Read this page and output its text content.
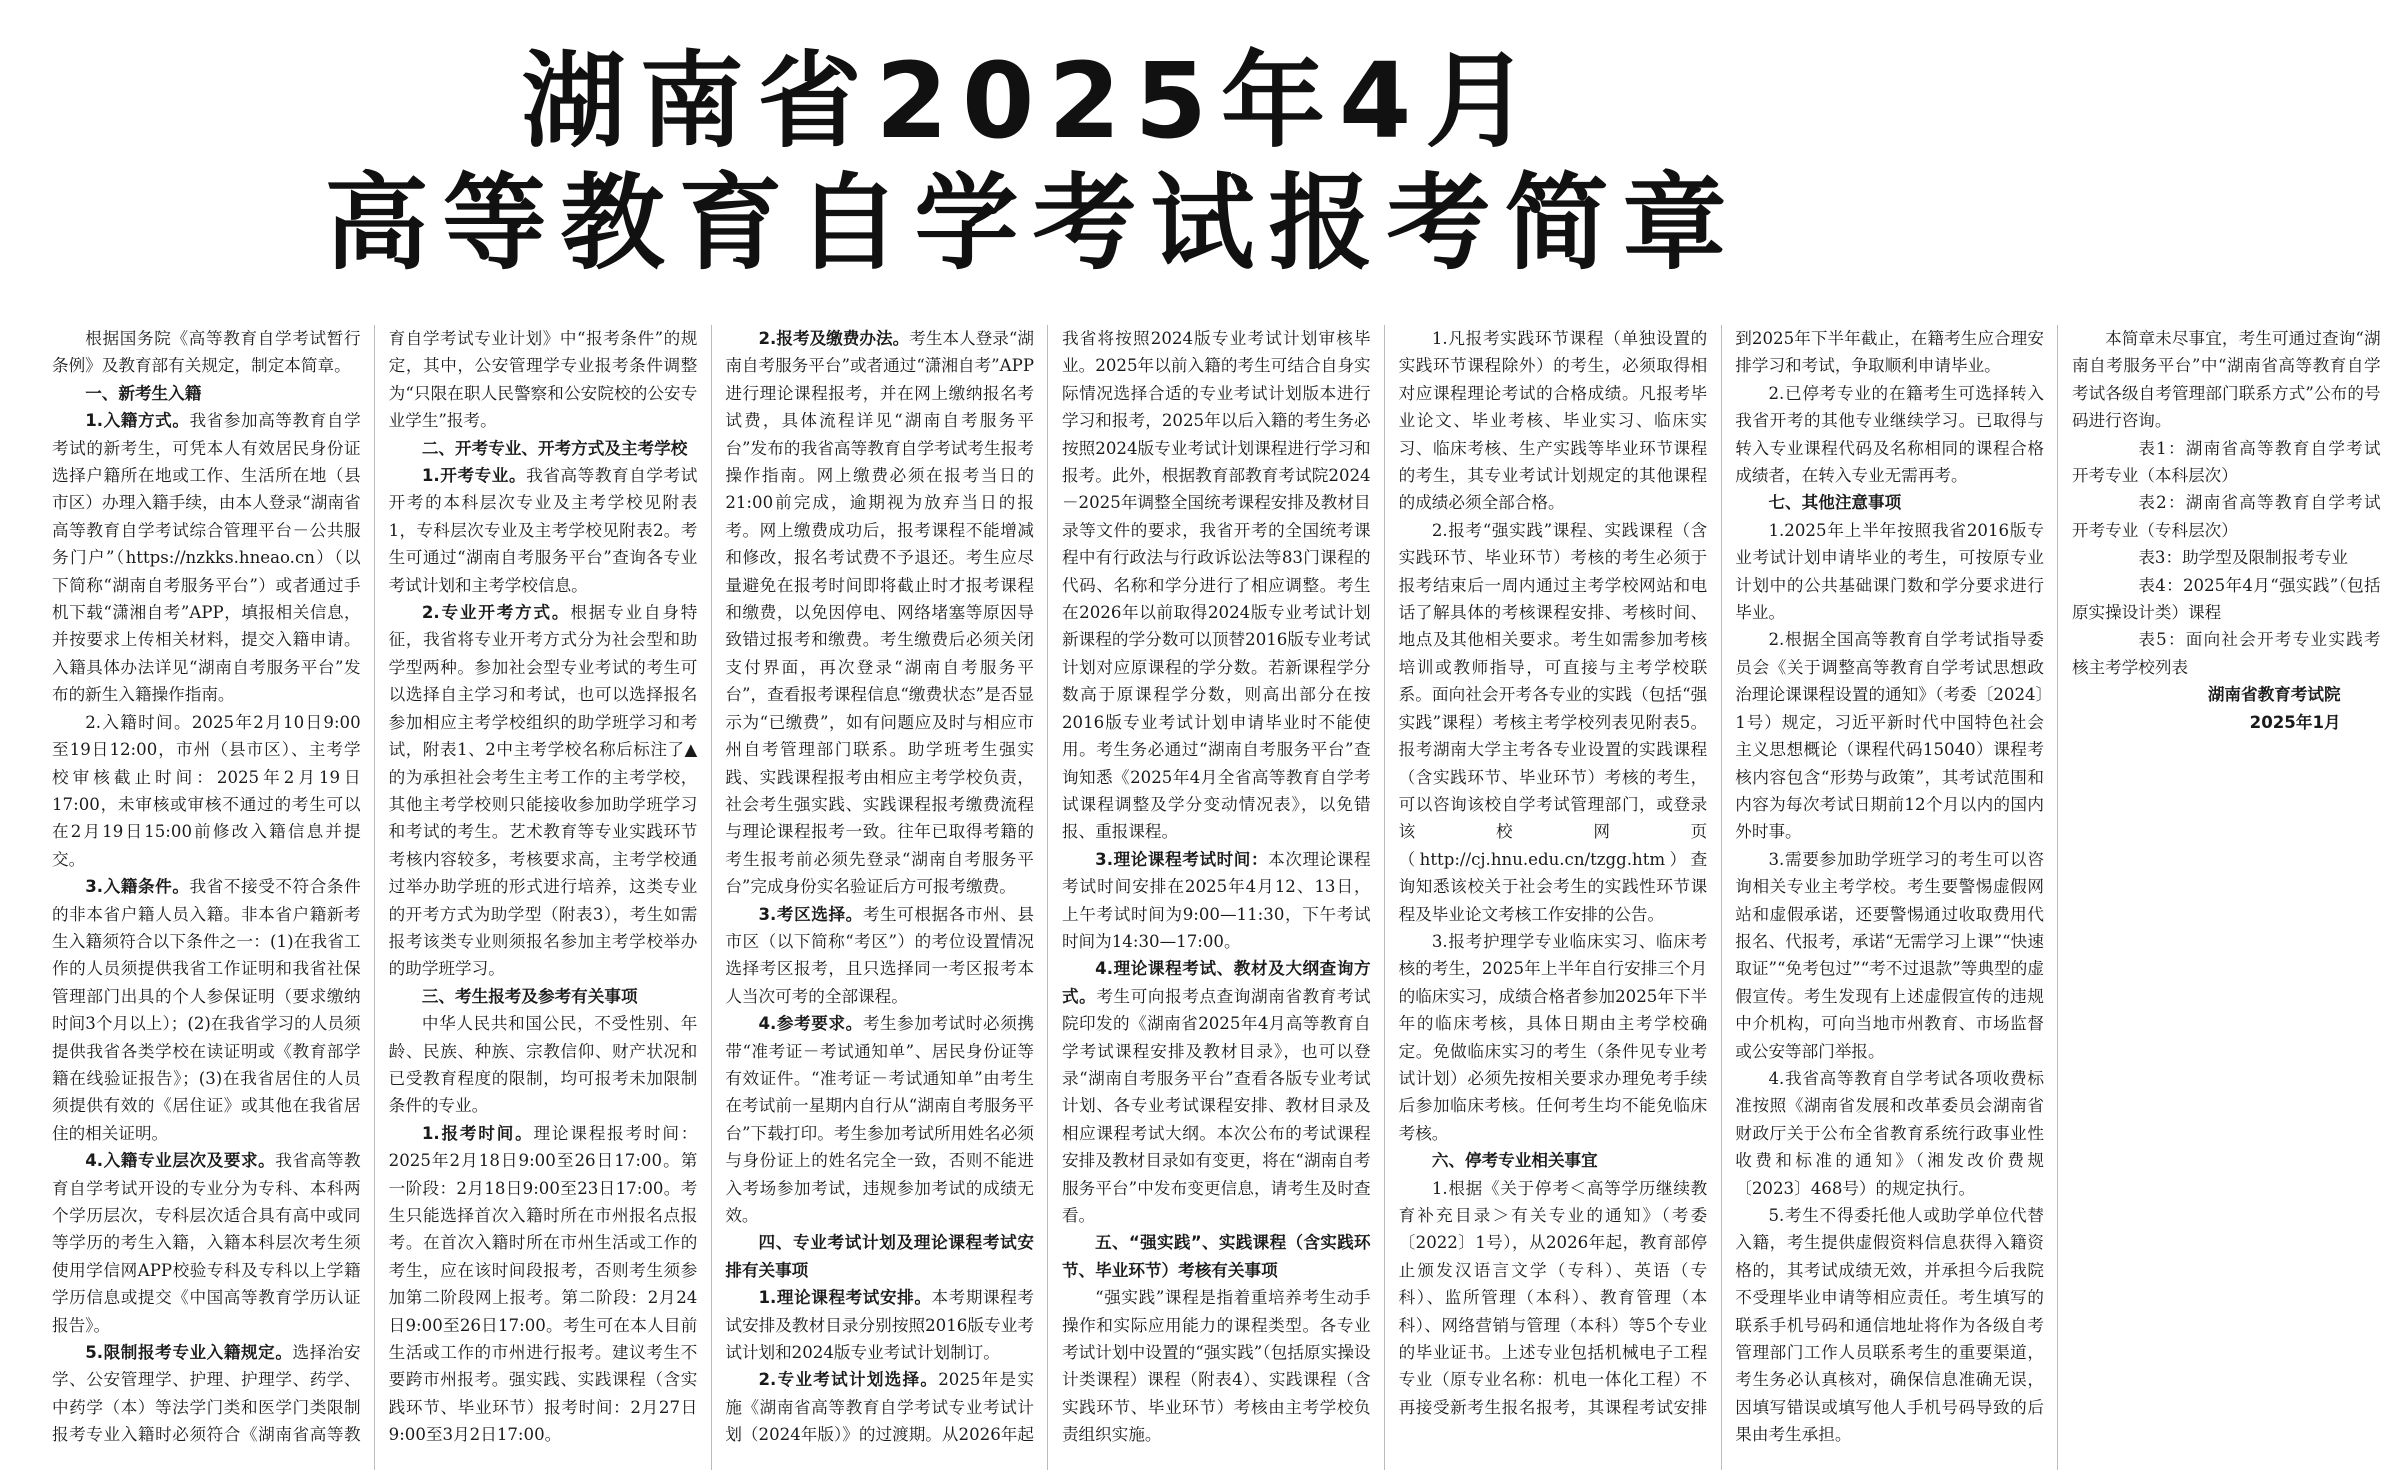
湖南省2025年4月
高等教育自学考试报考简章

根据国务院《高等教育自学考试暂行条例》及教育部有关规定，制定本简章。

一、新考生入籍

1.入籍方式。我省参加高等教育自学考试的新考生，可凭本人有效居民身份证选择户籍所在地或工作、生活所在地（县市区）办理入籍手续，由本人登录“湖南省高等教育自学考试综合管理平台－公共服务门户”（https://nzkks.hneao.cn）（以下简称“湖南自考服务平台”）或者通过手机下载“潇湘自考”APP，填报相关信息，并按要求上传相关材料，提交入籍申请。入籍具体办法详见“湖南自考服务平台”发布的新生入籍操作指南。

2.入籍时间。2025年2月10日9:00至19日12:00，市州（县市区）、主考学校审核截止时间：2025年2月19日17:00，未审核或审核不通过的考生可以在2月19日15:00前修改入籍信息并提交。

3.入籍条件。我省不接受不符合条件的非本省户籍人员入籍。非本省户籍新考生入籍须符合以下条件之一：(1)在我省工作的人员须提供我省工作证明和我省社保管理部门出具的个人参保证明（要求缴纳时间3个月以上）；(2)在我省学习的人员须提供我省各类学校在读证明或《教育部学籍在线验证报告》；(3)在我省居住的人员须提供有效的《居住证》或其他在我省居住的相关证明。

4.入籍专业层次及要求。我省高等教育自学考试开设的专业分为专科、本科两个学历层次，专科层次适合具有高中或同等学历的考生入籍，入籍本科层次考生须使用学信网APP校验专科及专科以上学籍学历信息或提交《中国高等教育学历认证报告》。

5.限制报考专业入籍规定。选择治安学、公安管理学、护理、护理学、药学、中药学（本）等法学门类和医学门类限制报考专业入籍时必须符合《湖南省高等教育自学考试专业计划》中“报考条件”的规定，其中，公安管理学专业报考条件调整为“只限在职人民警察和公安院校的公安专业学生”报考。

二、开考专业、开考方式及主考学校

1.开考专业。我省高等教育自学考试开考的本科层次专业及主考学校见附表1，专科层次专业及主考学校见附表2。考生可通过“湖南自考服务平台”查询各专业考试计划和主考学校信息。

2.专业开考方式。根据专业自身特征，我省将专业开考方式分为社会型和助学型两种。参加社会型专业考试的考生可以选择自主学习和考试，也可以选择报名参加相应主考学校组织的助学班学习和考试，附表1、2中主考学校名称后标注了▲的为承担社会考生主考工作的主考学校，其他主考学校则只能接收参加助学班学习和考试的考生。艺术教育等专业实践环节考核内容较多，考核要求高，主考学校通过举办助学班的形式进行培养，这类专业的开考方式为助学型（附表3），考生如需报考该类专业则须报名参加主考学校举办的助学班学习。

三、考生报考及参考有关事项

中华人民共和国公民，不受性别、年龄、民族、种族、宗教信仰、财产状况和已受教育程度的限制，均可报考未加限制条件的专业。

1.报考时间。理论课程报考时间：2025年2月18日9:00至26日17:00。第一阶段：2月18日9:00至23日17:00。考生只能选择首次入籍时所在市州报名点报考。在首次入籍时所在市州生活或工作的考生，应在该时间段报考，否则考生须参加第二阶段网上报考。第二阶段：2月24日9:00至26日17:00。考生可在本人目前生活或工作的市州进行报考。建议考生不要跨市州报考。强实践、实践课程（含实践环节、毕业环节）报考时间：2月27日9:00至3月2日17:00。

2.报考及缴费办法。考生本人登录“湖南自考服务平台”或者通过“潇湘自考”APP进行理论课程报考，并在网上缴纳报名考试费，具体流程详见“湖南自考服务平台”发布的我省高等教育自学考试考生报考操作指南。网上缴费必须在报考当日的21:00前完成，逾期视为放弃当日的报考。网上缴费成功后，报考课程不能增减和修改，报名考试费不予退还。考生应尽量避免在报考时间即将截止时才报考课程和缴费，以免因停电、网络堵塞等原因导致错过报考和缴费。考生缴费后必须关闭支付界面，再次登录“湖南自考服务平台”，查看报考课程信息“缴费状态”是否显示为“已缴费”，如有问题应及时与相应市州自考管理部门联系。助学班考生强实践、实践课程报考由相应主考学校负责，社会考生强实践、实践课程报考缴费流程与理论课程报考一致。往年已取得考籍的考生报考前必须先登录“湖南自考服务平台”完成身份实名验证后方可报考缴费。

3.考区选择。考生可根据各市州、县市区（以下简称“考区”）的考位设置情况选择考区报考，且只选择同一考区报考本人当次可考的全部课程。

4.参考要求。考生参加考试时必须携带“准考证－考试通知单”、居民身份证等有效证件。“准考证－考试通知单”由考生在考试前一星期内自行从“湖南自考服务平台”下载打印。考生参加考试所用姓名必须与身份证上的姓名完全一致，否则不能进入考场参加考试，违规参加考试的成绩无效。

四、专业考试计划及理论课程考试安排有关事项

1.理论课程考试安排。本考期课程考试安排及教材目录分别按照2016版专业考试计划和2024版专业考试计划制订。

2.专业考试计划选择。2025年是实施《湖南省高等教育自学考试专业考试计划（2024年版）》的过渡期。从2026年起我省将按照2024版专业考试计划审核毕业。2025年以前入籍的考生可结合自身实际情况选择合适的专业考试计划版本进行学习和报考，2025年以后入籍的考生务必按照2024版专业考试计划课程进行学习和报考。此外，根据教育部教育考试院2024－2025年调整全国统考课程安排及教材目录等文件的要求，我省开考的全国统考课程中有行政法与行政诉讼法等83门课程的代码、名称和学分进行了相应调整。考生在2026年以前取得2024版专业考试计划新课程的学分数可以顶替2016版专业考试计划对应原课程的学分数。若新课程学分数高于原课程学分数，则高出部分在按2016版专业考试计划申请毕业时不能使用。考生务必通过“湖南自考服务平台”查询知悉《2025年4月全省高等教育自学考试课程调整及学分变动情况表》，以免错报、重报课程。

3.理论课程考试时间：本次理论课程考试时间安排在2025年4月12、13日，上午考试时间为9:00—11:30，下午考试时间为14:30—17:00。

4.理论课程考试、教材及大纲查询方式。考生可向报考点查询湖南省教育考试院印发的《湖南省2025年4月高等教育自学考试课程安排及教材目录》，也可以登录“湖南自考服务平台”查看各版专业考试计划、各专业考试课程安排、教材目录及相应课程考试大纲。本次公布的考试课程安排及教材目录如有变更，将在“湖南自考服务平台”中发布变更信息，请考生及时查看。

五、“强实践”、实践课程（含实践环节、毕业环节）考核有关事项

“强实践”课程是指着重培养考生动手操作和实际应用能力的课程类型。各专业考试计划中设置的“强实践”（包括原实操设计类课程）课程（附表4）、实践课程（含实践环节、毕业环节）考核由主考学校负责组织实施。

1.凡报考实践环节课程（单独设置的实践环节课程除外）的考生，必须取得相对应课程理论考试的合格成绩。凡报考毕业论文、毕业考核、毕业实习、临床实习、临床考核、生产实践等毕业环节课程的考生，其专业考试计划规定的其他课程的成绩必须全部合格。

2.报考“强实践”课程、实践课程（含实践环节、毕业环节）考核的考生必须于报考结束后一周内通过主考学校网站和电话了解具体的考核课程安排、考核时间、地点及其他相关要求。考生如需参加考核培训或教师指导，可直接与主考学校联系。面向社会开考各专业的实践（包括“强实践”课程）考核主考学校列表见附表5。报考湖南大学主考各专业设置的实践课程（含实践环节、毕业环节）考核的考生，可以咨询该校自学考试管理部门，或登录该校网页（http://cj.hnu.edu.cn/tzgg.htm）查询知悉该校关于社会考生的实践性环节课程及毕业论文考核工作安排的公告。

3.报考护理学专业临床实习、临床考核的考生，2025年上半年自行安排三个月的临床实习，成绩合格者参加2025年下半年的临床考核，具体日期由主考学校确定。免做临床实习的考生（条件见专业考试计划）必须先按相关要求办理免考手续后参加临床考核。任何考生均不能免临床考核。

六、停考专业相关事宜

1.根据《关于停考＜高等学历继续教育补充目录＞有关专业的通知》（考委〔2022〕1号），从2026年起，教育部停止颁发汉语言文学（专科）、英语（专科）、监所管理（本科）、教育管理（本科）、网络营销与管理（本科）等5个专业的毕业证书。上述专业包括机械电子工程专业（原专业名称：机电一体化工程）不再接受新考生报名报考，其课程考试安排到2025年下半年截止，在籍考生应合理安排学习和考试，争取顺利申请毕业。

2.已停考专业的在籍考生可选择转入我省开考的其他专业继续学习。已取得与转入专业课程代码及名称相同的课程合格成绩者，在转入专业无需再考。

七、其他注意事项

1.2025年上半年按照我省2016版专业考试计划申请毕业的考生，可按原专业计划中的公共基础课门数和学分要求进行毕业。

2.根据全国高等教育自学考试指导委员会《关于调整高等教育自学考试思想政治理论课课程设置的通知》（考委〔2024〕1号）规定，习近平新时代中国特色社会主义思想概论（课程代码15040）课程考核内容包含“形势与政策”，其考试范围和内容为每次考试日期前12个月以内的国内外时事。

3.需要参加助学班学习的考生可以咨询相关专业主考学校。考生要警惕虚假网站和虚假承诺，还要警惕通过收取费用代报名、代报考，承诺“无需学习上课”“快速取证”“免考包过”“考不过退款”等典型的虚假宣传。考生发现有上述虚假宣传的违规中介机构，可向当地市州教育、市场监督或公安等部门举报。

4.我省高等教育自学考试各项收费标准按照《湖南省发展和改革委员会湖南省财政厅关于公布全省教育系统行政事业性收费和标准的通知》（湘发改价费规〔2023〕468号）的规定执行。

5.考生不得委托他人或助学单位代替入籍，考生提供虚假资料信息获得入籍资格的，其考试成绩无效，并承担今后我院不受理毕业申请等相应责任。考生填写的联系手机号码和通信地址将作为各级自考管理部门工作人员联系考生的重要渠道，考生务必认真核对，确保信息准确无误，因填写错误或填写他人手机号码导致的后果由考生承担。

本简章未尽事宜，考生可通过查询“湖南自考服务平台”中“湖南省高等教育自学考试各级自考管理部门联系方式”公布的号码进行咨询。

表1：湖南省高等教育自学考试开考专业（本科层次）

表2：湖南省高等教育自学考试开考专业（专科层次）

表3：助学型及限制报考专业

表4：2025年4月“强实践”（包括原实操设计类）课程

表5：面向社会开考专业实践考核主考学校列表

湖南省教育考试院

2025年1月
